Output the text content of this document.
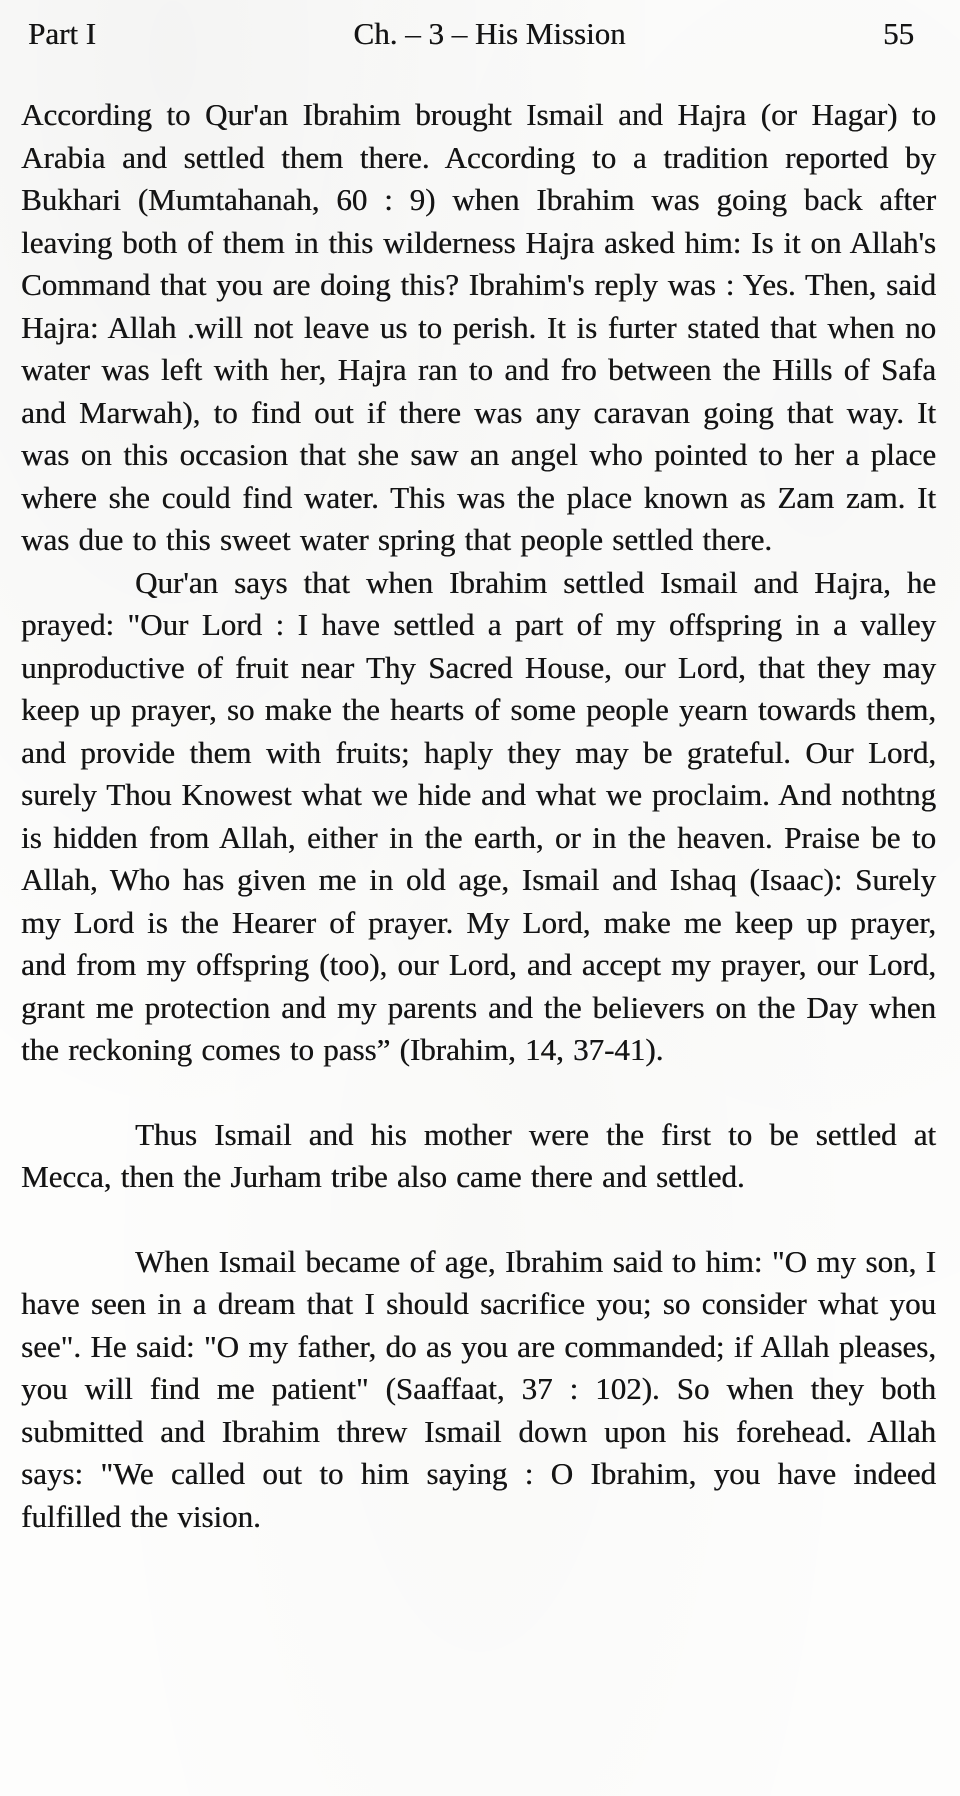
Part I	Ch. – 3 – His Mission	55

According to Qur'an Ibrahim brought Ismail and Hajra (or Hagar) to Arabia and settled them there. According to a tradition reported by Bukhari (Mumtahanah, 60 : 9) when Ibrahim was going back after leaving both of them in this wilderness Hajra asked him: Is it on Allah's Command that you are doing this? Ibrahim's reply was : Yes. Then, said Hajra: Allah .will not leave us to perish. It is furter stated that when no water was left with her, Hajra ran to and fro between the Hills of Safa and Marwah), to find out if there was any caravan going that way. It was on this occasion that she saw an angel who pointed to her a place where she could find water. This was the place known as Zam zam. It was due to this sweet water spring that people settled there.

Qur'an says that when Ibrahim settled Ismail and Hajra, he prayed: "Our Lord : I have settled a part of my offspring in a valley unproductive of fruit near Thy Sacred House, our Lord, that they may keep up prayer, so make the hearts of some people yearn towards them, and provide them with fruits; haply they may be grateful. Our Lord, surely Thou Knowest what we hide and what we proclaim. And nothtng is hidden from Allah, either in the earth, or in the heaven. Praise be to Allah, Who has given me in old age, Ismail and Ishaq (Isaac): Surely my Lord is the Hearer of prayer. My Lord, make me keep up prayer, and from my offspring (too), our Lord, and accept my prayer, our Lord, grant me protection and my parents and the believers on the Day when the reckoning comes to pass” (Ibrahim, 14, 37-41).

Thus Ismail and his mother were the first to be settled at Mecca, then the Jurham tribe also came there and settled.

When Ismail became of age, Ibrahim said to him: "O my son, I have seen in a dream that I should sacrifice you; so consider what you see". He said: "O my father, do as you are commanded; if Allah pleases, you will find me patient" (Saaffaat, 37 : 102). So when they both submitted and Ibrahim threw Ismail down upon his forehead. Allah says: "We called out to him saying : O Ibrahim, you have indeed fulfilled the vision.
